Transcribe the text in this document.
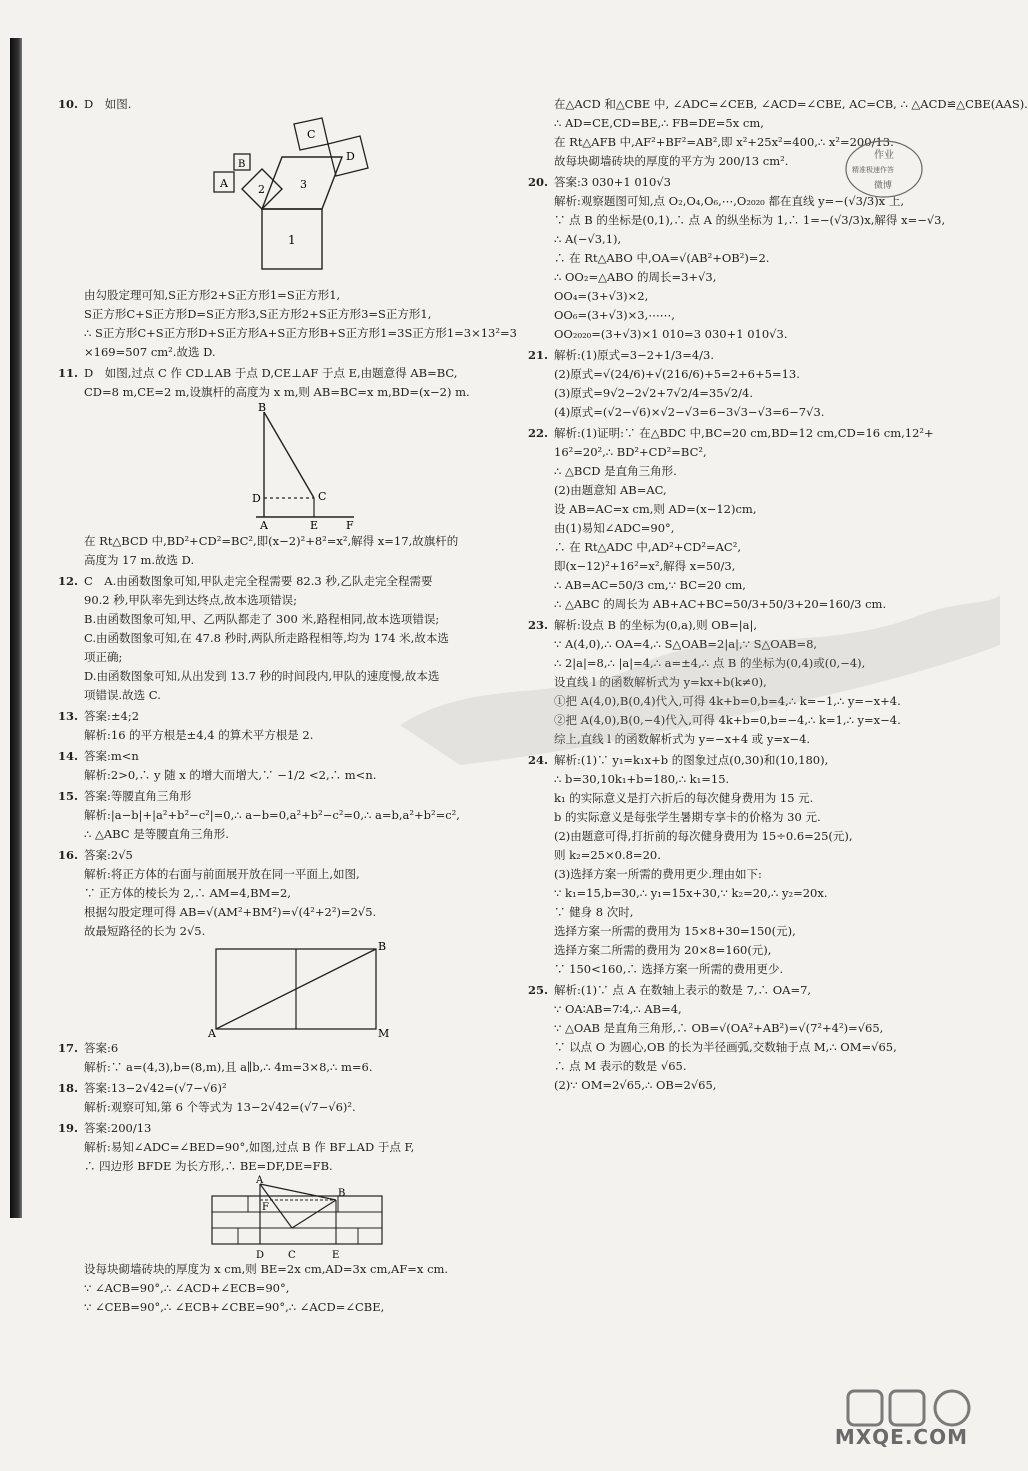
10. D　如图.
A
B
2
C
D
3
1
由勾股定理可知,S正方形2+S正方形1=S正方形1,
S正方形C+S正方形D=S正方形3,S正方形2+S正方形3=S正方形1,
∴ S正方形C+S正方形D+S正方形A+S正方形B+S正方形1=3S正方形1=3×13²=3
×169=507 cm².故选 D.
11. D　如图,过点 C 作 CD⊥AB 于点 D,CE⊥AF 于点 E,由题意得 AB=BC,
CD=8 m,CE=2 m,设旗杆的高度为 x m,则 AB=BC=x m,BD=(x−2) m.
B
D	C
A	E	F
在 Rt△BCD 中,BD²+CD²=BC²,即(x−2)²+8²=x²,解得 x=17,故旗杆的
高度为 17 m.故选 D.
12. C　A.由函数图象可知,甲队走完全程需要 82.3 秒,乙队走完全程需要
90.2 秒,甲队率先到达终点,故本选项错误;
B.由函数图象可知,甲、乙两队都走了 300 米,路程相同,故本选项错误;
C.由函数图象可知,在 47.8 秒时,两队所走路程相等,均为 174 米,故本选
项正确;
D.由函数图象可知,从出发到 13.7 秒的时间段内,甲队的速度慢,故本选
项错误.故选 C.
13. 答案:±4;2
解析:16 的平方根是±4,4 的算术平方根是 2.
14. 答案:m<n
解析:2>0,∴ y 随 x 的增大而增大,∵ −1/2 <2,∴ m<n.
15. 答案:等腰直角三角形
解析:|a−b|+|a²+b²−c²|=0,∴ a−b=0,a²+b²−c²=0,∴ a=b,a²+b²=c²,
∴ △ABC 是等腰直角三角形.
16. 答案:2√5
解析:将正方体的右面与前面展开放在同一平面上,如图,
∵ 正方体的棱长为 2,∴ AM=4,BM=2,
根据勾股定理可得 AB=√(AM²+BM²)=√(4²+2²)=2√5.
故最短路径的长为 2√5.
B
A	M
17. 答案:6
解析:∵ a=(4,3),b=(8,m),且 a∥b,∴ 4m=3×8,∴ m=6.
18. 答案:13−2√42=(√7−√6)²
解析:观察可知,第 6 个等式为 13−2√42=(√7−√6)².
19. 答案:200/13
解析:易知∠ADC=∠BED=90°,如图,过点 B 作 BF⊥AD 于点 F,
∴ 四边形 BFDE 为长方形,∴ BE=DF,DE=FB.
A
B
F
D C	E
设每块砌墙砖块的厚度为 x cm,则 BE=2x cm,AD=3x cm,AF=x cm.
∵ ∠ACB=90°,∴ ∠ACD+∠ECB=90°,
∵ ∠CEB=90°,∴ ∠ECB+∠CBE=90°,∴ ∠ACD=∠CBE,
在△ACD 和△CBE 中, ∠ADC=∠CEB, ∠ACD=∠CBE, AC=CB, ∴ △ACD≌△CBE(AAS).
∴ AD=CE,CD=BE,∴ FB=DE=5x cm,
在 Rt△AFB 中,AF²+BF²=AB²,即 x²+25x²=400,∴ x²=200/13.
故每块砌墙砖块的厚度的平方为 200/13 cm².
20. 答案:3 030+1 010√3
解析:观察题图可知,点 O₂,O₄,O₆,⋯,O₂₀₂₀ 都在直线 y=−(√3/3)x 上,
∵ 点 B 的坐标是(0,1),∴ 点 A 的纵坐标为 1,∴ 1=−(√3/3)x,解得 x=−√3,
∴ A(−√3,1),
∴ 在 Rt△ABO 中,OA=√(AB²+OB²)=2.
∴ OO₂=△ABO 的周长=3+√3,
OO₄=(3+√3)×2,
OO₆=(3+√3)×3,⋯⋯,
OO₂₀₂₀=(3+√3)×1 010=3 030+1 010√3.
21. 解析:(1)原式=3−2+1/3=4/3.
(2)原式=√(24/6)+√(216/6)+5=2+6+5=13.
(3)原式=9√2−2√2+7√2/4=35√2/4.
(4)原式=(√2−√6)×√2−√3=6−3√3−√3=6−7√3.
22. 解析:(1)证明:∵ 在△BDC 中,BC=20 cm,BD=12 cm,CD=16 cm,12²+
16²=20²,∴ BD²+CD²=BC²,
∴ △BCD 是直角三角形.
(2)由题意知 AB=AC,
设 AB=AC=x cm,则 AD=(x−12)cm,
由(1)易知∠ADC=90°,
∴ 在 Rt△ADC 中,AD²+CD²=AC²,
即(x−12)²+16²=x²,解得 x=50/3,
∴ AB=AC=50/3 cm,∵ BC=20 cm,
∴ △ABC 的周长为 AB+AC+BC=50/3+50/3+20=160/3 cm.
23. 解析:设点 B 的坐标为(0,a),则 OB=|a|,
∵ A(4,0),∴ OA=4,∴ S△OAB=2|a|,∵ S△OAB=8,
∴ 2|a|=8,∴ |a|=4,∴ a=±4,∴ 点 B 的坐标为(0,4)或(0,−4),
设直线 l 的函数解析式为 y=kx+b(k≠0),
①把 A(4,0),B(0,4)代入,可得 4k+b=0,b=4,∴ k=−1,∴ y=−x+4.
②把 A(4,0),B(0,−4)代入,可得 4k+b=0,b=−4,∴ k=1,∴ y=x−4.
综上,直线 l 的函数解析式为 y=−x+4 或 y=x−4.
24. 解析:(1)∵ y₁=k₁x+b 的图象过点(0,30)和(10,180),
∴ b=30,10k₁+b=180,∴ k₁=15.
k₁ 的实际意义是打六折后的每次健身费用为 15 元.
b 的实际意义是每张学生暑期专享卡的价格为 30 元.
(2)由题意可得,打折前的每次健身费用为 15÷0.6=25(元),
则 k₂=25×0.8=20.
(3)选择方案一所需的费用更少.理由如下:
∵ k₁=15,b=30,∴ y₁=15x+30,∵ k₂=20,∴ y₂=20x.
∵ 健身 8 次时,
选择方案一所需的费用为 15×8+30=150(元),
选择方案二所需的费用为 20×8=160(元),
∵ 150<160,∴ 选择方案一所需的费用更少.
25. 解析:(1)∵ 点 A 在数轴上表示的数是 7,∴ OA=7,
∵ OA∶AB=7∶4,∴ AB=4,
∵ △OAB 是直角三角形,∴ OB=√(OA²+AB²)=√(7²+4²)=√65,
∵ 以点 O 为圆心,OB 的长为半径画弧,交数轴于点 M,∴ OM=√65,
∴ 点 M 表示的数是 √65.
(2)∵ OM=2√65,∴ OB=2√65,
作业
精准极速作答
微博
MXQE.COM
